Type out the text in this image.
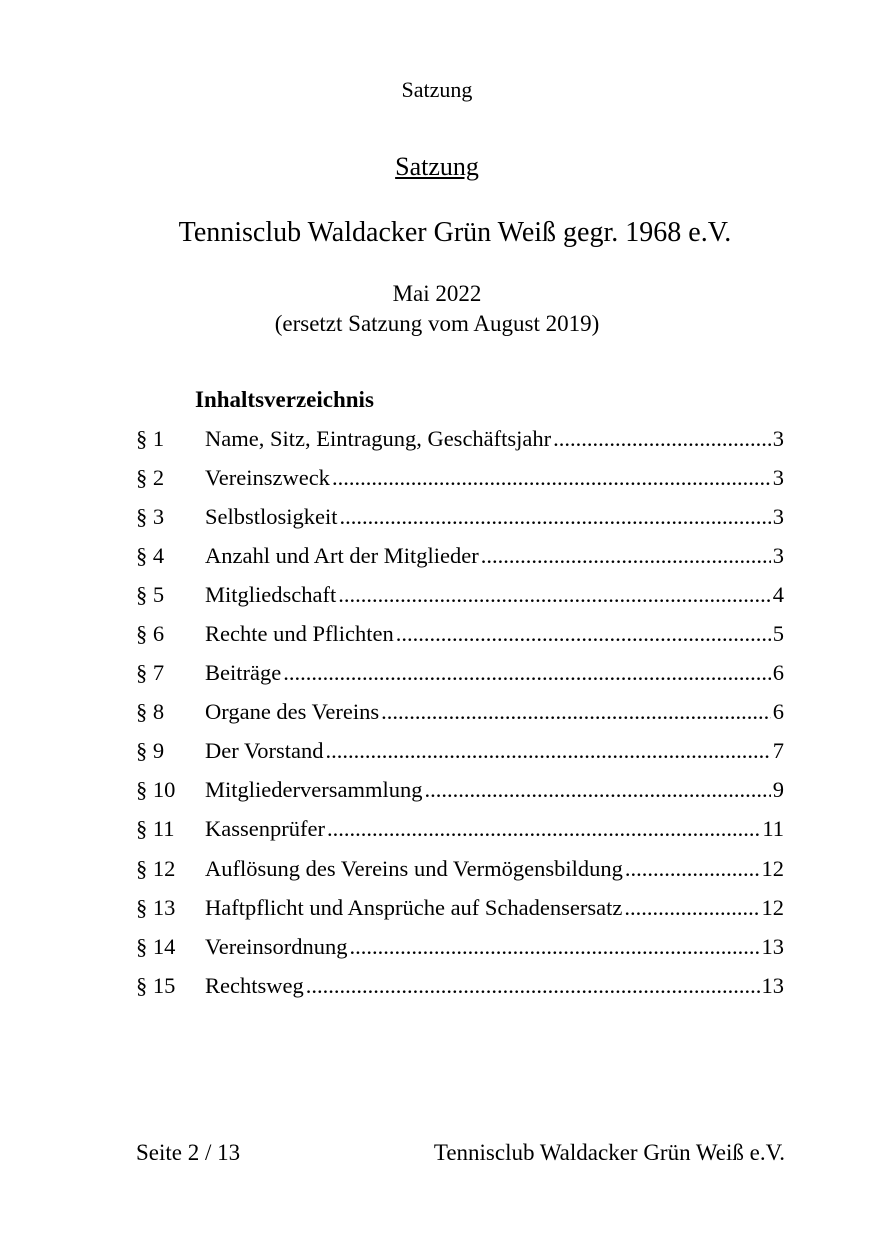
Satzung
Satzung
Tennisclub Waldacker Grün Weiß gegr. 1968 e.V.
Mai 2022
(ersetzt Satzung vom August 2019)
Inhaltsverzeichnis
§ 1	Name, Sitz, Eintragung, Geschäftsjahr .....	3
§ 2	Vereinszweck .....	3
§ 3	Selbstlosigkeit .....	3
§ 4	Anzahl und Art der Mitglieder .....	3
§ 5	Mitgliedschaft .....	4
§ 6	Rechte und Pflichten .....	5
§ 7	Beiträge .....	6
§ 8	Organe des Vereins .....	6
§ 9	Der Vorstand .....	7
§ 10	Mitgliederversammlung .....	9
§ 11	Kassenprüfer .....	11
§ 12	Auflösung des Vereins und Vermögensbildung .....	12
§ 13	Haftpflicht und Ansprüche auf Schadensersatz .....	12
§ 14	Vereinsordnung .....	13
§ 15	Rechtsweg .....	13
Seite 2 / 13	Tennisclub Waldacker Grün Weiß e.V.
